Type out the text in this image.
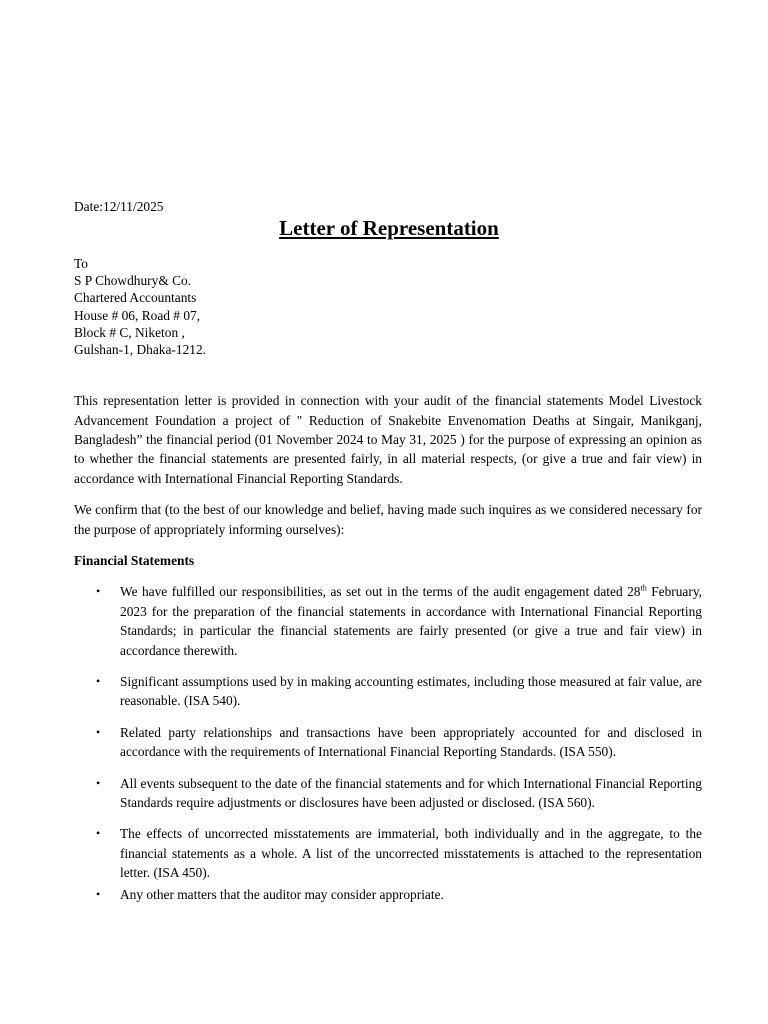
Date:12/11/2025
Letter of Representation
To
S P Chowdhury& Co.
Chartered Accountants
House # 06, Road # 07,
Block # C, Niketon ,
Gulshan-1, Dhaka-1212.

This representation letter is provided in connection with your audit of the financial statements Model Livestock Advancement Foundation a project of " Reduction of Snakebite Envenomation Deaths at Singair, Manikganj, Bangladesh” the financial period (01 November 2024 to May 31, 2025 ) for the purpose of expressing an opinion as to whether the financial statements are presented fairly, in all material respects, (or give a true and fair view) in accordance with International Financial Reporting Standards.

We confirm that (to the best of our knowledge and belief, having made such inquires as we considered necessary for the purpose of appropriately informing ourselves):

Financial Statements
• We have fulfilled our responsibilities, as set out in the terms of the audit engagement dated 28th February, 2023 for the preparation of the financial statements in accordance with International Financial Reporting Standards; in particular the financial statements are fairly presented (or give a true and fair view) in accordance therewith.
• Significant assumptions used by in making accounting estimates, including those measured at fair value, are reasonable. (ISA 540).
• Related party relationships and transactions have been appropriately accounted for and disclosed in accordance with the requirements of International Financial Reporting Standards. (ISA 550).
• All events subsequent to the date of the financial statements and for which International Financial Reporting Standards require adjustments or disclosures have been adjusted or disclosed. (ISA 560).
• The effects of uncorrected misstatements are immaterial, both individually and in the aggregate, to the financial statements as a whole. A list of the uncorrected misstatements is attached to the representation letter. (ISA 450).
• Any other matters that the auditor may consider appropriate.
